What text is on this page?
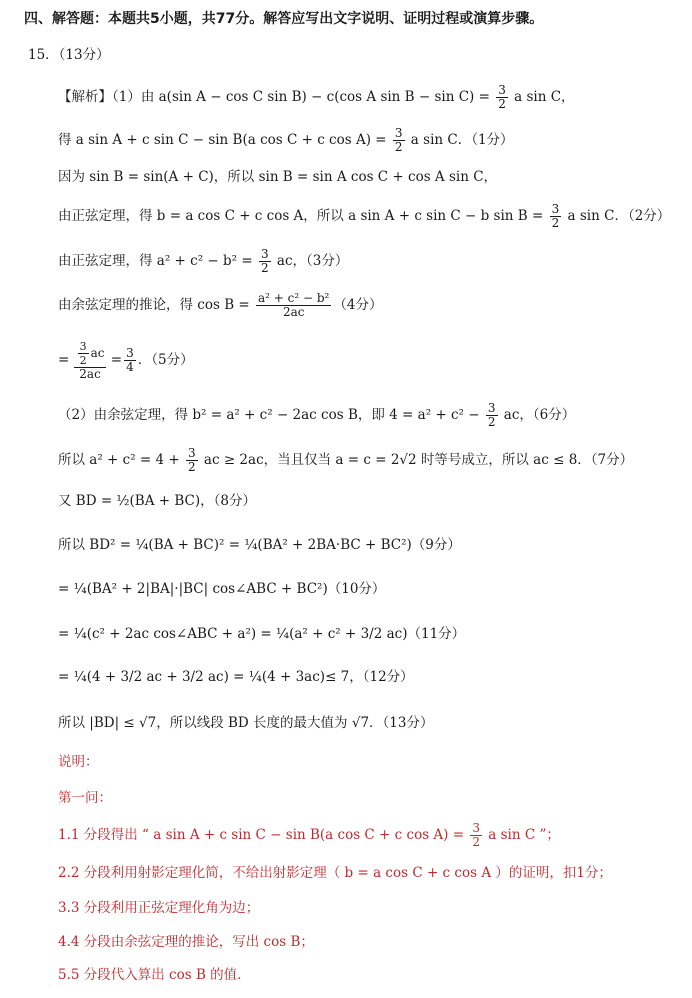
四、解答题：本题共5小题，共77分。解答应写出文字说明、证明过程或演算步骤。
15．（13分）
【解析】（1）由 a(sin A − cos C sin B) − c(cos A $\sin B - \sin C) = \frac{3}{2}$ a sin C，
得 a sin A + c sin C − sin B(a cos C + c $\cos A) = \frac{3}{2}$ a sin C．（1分）
因为 sin B = sin(A + C)，所以 sin B = sin A cos C + cos A sin C，
由正弦定理，得 b = a cos C + c cos A，所以 a sin A + c sin C − b $\sin B = \frac{3}{2}$ a sin C．（2分）
由正弦定理，得 $a^2 + c^2 - b^2 = \frac{3}{2}$ ac，（3分）
由余弦定理的推论，得 $\cos B = \frac{\text{a² + c² − b²}}{2ac} (4$分）
= $\frac{\frac{3}{2} ac}{2ac} = \frac{3}{4}$ ．（5分）
（2）由余弦定理，得 b² = a² + c² − 2ac cos B，即 $4 = a^2 + c^2 - \frac{3}{2}$ ac，（6分）
所以 $a^2 + c^2 = 4 + \frac{3}{2}$ ac ≥ 2ac，当且仅当 a = c = 2√2 时等号成立，所以 ac ≤ 8．（7分）
又 BD = ½(BA + BC)，（8分）
所以 BD² = ¼(BA + BC)² = ¼(BA² + 2BA·BC + BC²)（9分）
= ¼(BA² + 2|BA|·|BC| cos∠ABC + BC²)（10分）
= ¼(c² + 2ac cos∠ABC + a²) = ¼(a² + c² + 3/2 ac)（11分）
= ¼(4 + 3/2 ac + 3/2 ac) = ¼(4 + 3ac)≤ 7，（12分）
所以 |BD| ≤ √7，所以线段 BD 长度的最大值为 √7．（13分）
说明：
第一问：
1.1 分段得出 “ a sin A + c sin C − sin B(a cos C + c $\cos A) = \frac{3}{2}$ a sin C ”；
2.2 分段利用射影定理化简，不给出射影定理（ b = a cos C + c cos A ）的证明，扣1分；
3.3 分段利用正弦定理化角为边；
4.4 分段由余弦定理的推论，写出 cos B；
5.5 分段代入算出 cos B 的值.
